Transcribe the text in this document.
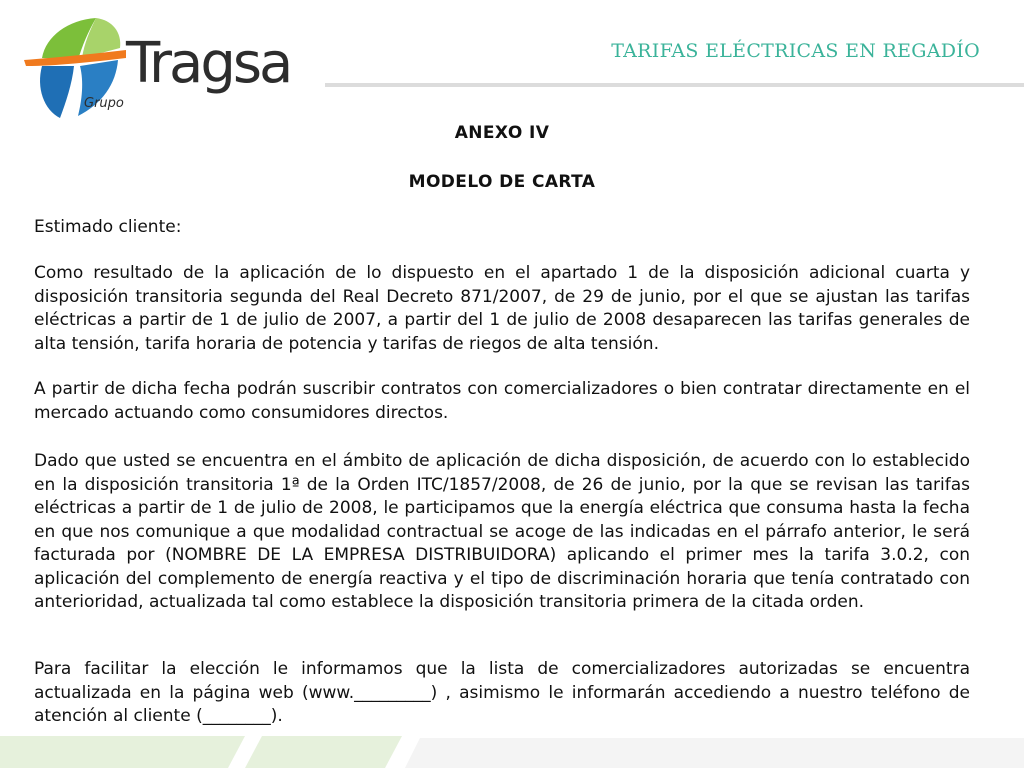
Tragsa
Grupo
TARIFAS ELÉCTRICAS EN REGADÍO
ANEXO IV
MODELO DE CARTA

Estimado cliente:

Como resultado de la aplicación de lo dispuesto en el apartado 1 de la disposición adicional cuarta y disposición transitoria segunda del Real Decreto 871/2007, de 29 de junio, por el que se ajustan las tarifas eléctricas a partir de 1 de julio de 2007, a partir del 1 de julio de 2008 desaparecen las tarifas generales de alta tensión, tarifa horaria de potencia y tarifas de riegos de alta tensión.

A partir de dicha fecha podrán suscribir contratos con comercializadores o bien contratar directamente en el mercado actuando como consumidores directos.

Dado que usted se encuentra en el ámbito de aplicación de dicha disposición, de acuerdo con lo establecido en la disposición transitoria 1ª de la Orden ITC/1857/2008, de 26 de junio, por la que se revisan las tarifas eléctricas a partir de 1 de julio de 2008, le participamos que la energía eléctrica que consuma hasta la fecha en que nos comunique a que modalidad contractual se acoge de las indicadas en el párrafo anterior, le será facturada por (NOMBRE DE LA EMPRESA DISTRIBUIDORA) aplicando el primer mes la tarifa 3.0.2, con aplicación del complemento de energía reactiva y el tipo de discriminación horaria que tenía contratado con anterioridad, actualizada tal como establece la disposición transitoria primera de la citada orden.

Para facilitar la elección le informamos que la lista de comercializadores autorizadas se encuentra actualizada en la página web (www._________) , asimismo le informarán accediendo a nuestro teléfono de atención al cliente (________).
